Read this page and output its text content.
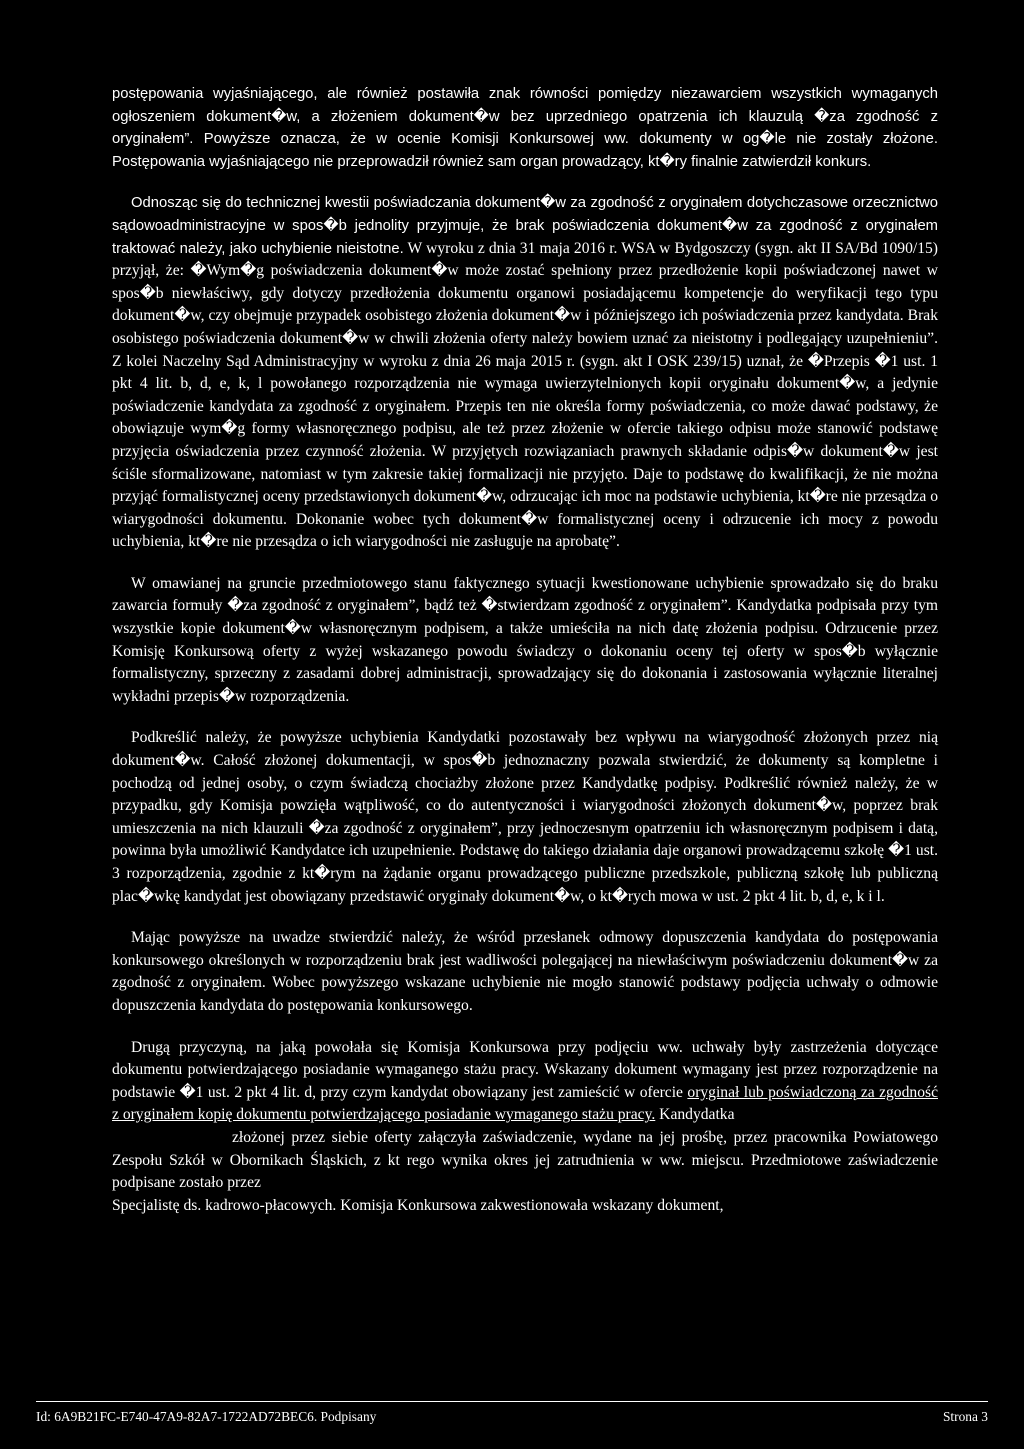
postępowania wyjaśniającego, ale również postawiła znak równości pomiędzy niezawarciem wszystkich wymaganych ogłoszeniem dokument�w, a złożeniem dokument�w bez uprzedniego opatrzenia ich klauzulą �za zgodność z oryginałem”. Powyższe oznacza, że w ocenie Komisji Konkursowej ww. dokumenty w og�le nie zostały złożone. Postępowania wyjaśniającego nie przeprowadził również sam organ prowadzący, kt�ry finalnie zatwierdził konkurs.

Odnosząc się do technicznej kwestii poświadczania dokument�w za zgodność z oryginałem dotychczasowe orzecznictwo sądowoadministracyjne w spos�b jednolity przyjmuje, że brak poświadczenia dokument�w za zgodność z oryginałem traktować należy, jako uchybienie nieistotne. W wyroku z dnia 31 maja 2016 r. WSA w Bydgoszczy (sygn. akt II SA/Bd 1090/15) przyjął, że: �Wym�g poświadczenia dokument�w może zostać spełniony przez przedłożenie kopii poświadczonej nawet w spos�b niewłaściwy, gdy dotyczy przedłożenia dokumentu organowi posiadającemu kompetencje do weryfikacji tego typu dokument�w, czy obejmuje przypadek osobistego złożenia dokument�w i późniejszego ich poświadczenia przez kandydata. Brak osobistego poświadczenia dokument�w w chwili złożenia oferty należy bowiem uznać za nieistotny i podlegający uzupełnieniu”. Z kolei Naczelny Sąd Administracyjny w wyroku z dnia 26 maja 2015 r. (sygn. akt I OSK 239/15) uznał, że �Przepis �1 ust. 1 pkt 4 lit. b, d, e, k, l powołanego rozporządzenia nie wymaga uwierzytelnionych kopii oryginału dokument�w, a jedynie poświadczenie kandydata za zgodność z oryginałem. Przepis ten nie określa formy poświadczenia, co może dawać podstawy, że obowiązuje wym�g formy własnoręcznego podpisu, ale też przez złożenie w ofercie takiego odpisu może stanowić podstawę przyjęcia oświadczenia przez czynność złożenia. W przyjętych rozwiązaniach prawnych składanie odpis�w dokument�w jest ściśle sformalizowane, natomiast w tym zakresie takiej formalizacji nie przyjęto. Daje to podstawę do kwalifikacji, że nie można przyjąć formalistycznej oceny przedstawionych dokument�w, odrzucając ich moc na podstawie uchybienia, kt�re nie przesądza o wiarygodności dokumentu. Dokonanie wobec tych dokument�w formalistycznej oceny i odrzucenie ich mocy z powodu uchybienia, kt�re nie przesądza o ich wiarygodności nie zasługuje na aprobatę”.

W omawianej na gruncie przedmiotowego stanu faktycznego sytuacji kwestionowane uchybienie sprowadzało się do braku zawarcia formuły �za zgodność z oryginałem”, bądź też �stwierdzam zgodność z oryginałem”. Kandydatka podpisała przy tym wszystkie kopie dokument�w własnoręcznym podpisem, a także umieściła na nich datę złożenia podpisu. Odrzucenie przez Komisję Konkursową oferty z wyżej wskazanego powodu świadczy o dokonaniu oceny tej oferty w spos�b wyłącznie formalistyczny, sprzeczny z zasadami dobrej administracji, sprowadzający się do dokonania i zastosowania wyłącznie literalnej wykładni przepis�w rozporządzenia.

Podkreślić należy, że powyższe uchybienia Kandydatki pozostawały bez wpływu na wiarygodność złożonych przez nią dokument�w. Całość złożonej dokumentacji, w spos�b jednoznaczny pozwala stwierdzić, że dokumenty są kompletne i pochodzą od jednej osoby, o czym świadczą chociażby złożone przez Kandydatkę podpisy. Podkreślić również należy, że w przypadku, gdy Komisja powzięła wątpliwość, co do autentyczności i wiarygodności złożonych dokument�w, poprzez brak umieszczenia na nich klauzuli �za zgodność z oryginałem”, przy jednoczesnym opatrzeniu ich własnoręcznym podpisem i datą, powinna była umożliwić Kandydatce ich uzupełnienie. Podstawę do takiego działania daje organowi prowadzącemu szkołę �1 ust. 3 rozporządzenia, zgodnie z kt�rym na żądanie organu prowadzącego publiczne przedszkole, publiczną szkołę lub publiczną plac�wkę kandydat jest obowiązany przedstawić oryginały dokument�w, o kt�rych mowa w ust. 2 pkt 4 lit. b, d, e, k i l.

Mając powyższe na uwadze stwierdzić należy, że wśród przesłanek odmowy dopuszczenia kandydata do postępowania konkursowego określonych w rozporządzeniu brak jest wadliwości polegającej na niewłaściwym poświadczeniu dokument�w za zgodność z oryginałem. Wobec powyższego wskazane uchybienie nie mogło stanowić podstawy podjęcia uchwały o odmowie dopuszczenia kandydata do postępowania konkursowego.

Drugą przyczyną, na jaką powołała się Komisja Konkursowa przy podjęciu ww. uchwały były zastrzeżenia dotyczące dokumentu potwierdzającego posiadanie wymaganego stażu pracy. Wskazany dokument wymagany jest przez rozporządzenie na podstawie �1 ust. 2 pkt 4 lit. d, przy czym kandydat obowiązany jest zamieścić w ofercie oryginał lub poświadczoną za zgodność z oryginałem kopię dokumentu potwierdzającego posiadanie wymaganego stażu pracy. Kandydatka
złożonej przez siebie oferty załączyła zaświadczenie, wydane na jej prośbę, przez pracownika Powiatowego Zespołu Szkół w Obornikach Śląskich, z kt rego wynika okres jej zatrudnienia w ww. miejscu. Przedmiotowe zaświadczenie podpisane zostało przez
Specjalistę ds. kadrowo-płacowych. Komisja Konkursowa zakwestionowała wskazany dokument,

Id: 6A9B21FC-E740-47A9-82A7-1722AD72BEC6. Podpisany	Strona 3
